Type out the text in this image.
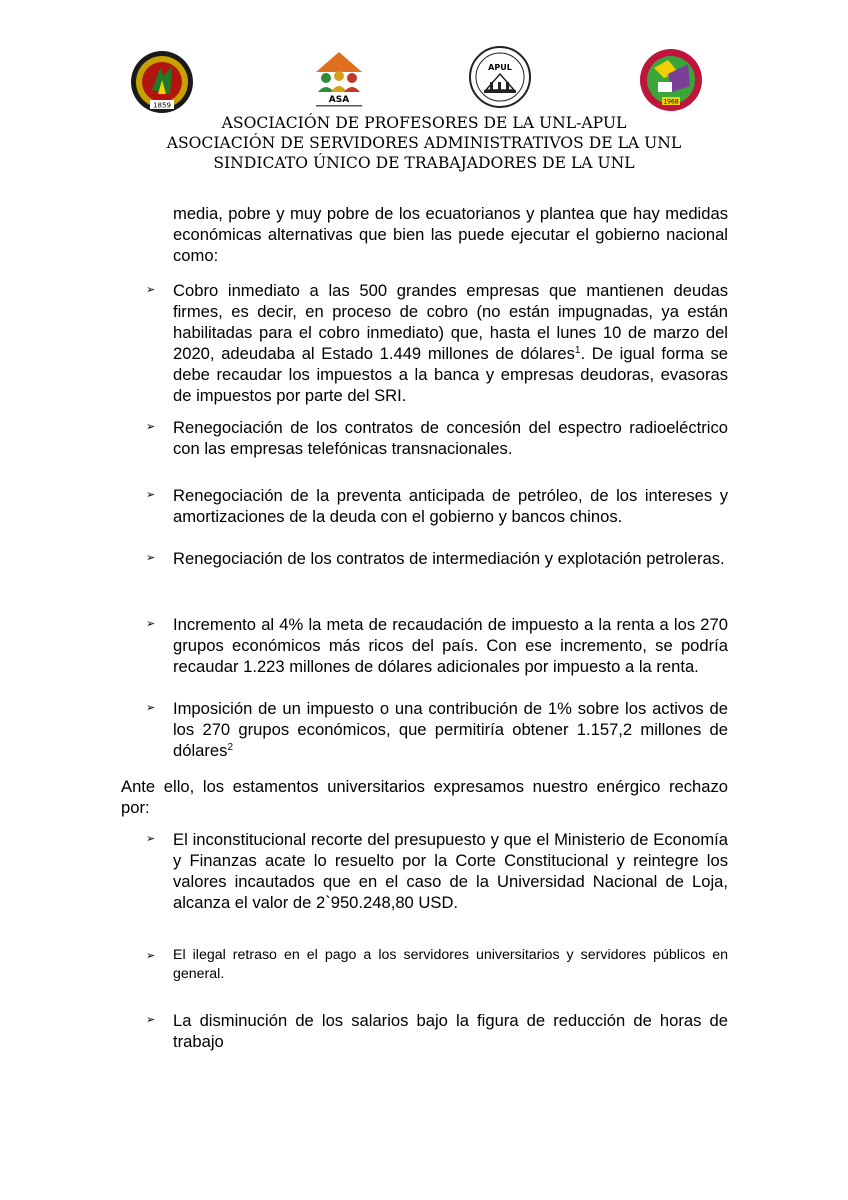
1859
ASA
APUL
1968
ASOCIACIÓN DE PROFESORES DE LA UNL-APUL
ASOCIACIÓN DE SERVIDORES ADMINISTRATIVOS DE LA UNL
SINDICATO ÚNICO DE TRABAJADORES DE LA UNL

media, pobre y muy pobre de los ecuatorianos y plantea que hay medidas económicas alternativas que bien las puede ejecutar el gobierno nacional como:

➢ Cobro inmediato a las 500 grandes empresas que mantienen deudas firmes, es decir, en proceso de cobro (no están impugnadas, ya están habilitadas para el cobro inmediato) que, hasta el lunes 10 de marzo del 2020, adeudaba al Estado 1.449 millones de dólares$^1$. De igual forma se debe recaudar los impuestos a la banca y empresas deudoras, evasoras de impuestos por parte del SRI.

➢ Renegociación de los contratos de concesión del espectro radioeléctrico con las empresas telefónicas transnacionales.

➢ Renegociación de la preventa anticipada de petróleo, de los intereses y amortizaciones de la deuda con el gobierno y bancos chinos.

➢ Renegociación de los contratos de intermediación y explotación petroleras.

➢ Incremento al 4% la meta de recaudación de impuesto a la renta a los 270 grupos económicos más ricos del país. Con ese incremento, se podría recaudar 1.223 millones de dólares adicionales por impuesto a la renta.

➢ Imposición de un impuesto o una contribución de 1% sobre los activos de los 270 grupos económicos, que permitiría obtener 1.157,2 millones de dólares$^2$

Ante ello, los estamentos universitarios expresamos nuestro enérgico rechazo por:

➢ El inconstitucional recorte del presupuesto y que el Ministerio de Economía y Finanzas acate lo resuelto por la Corte Constitucional y reintegre los valores incautados que en el caso de la Universidad Nacional de Loja, alcanza el valor de 2`950.248,80 USD.

➢ El ilegal retraso en el pago a los servidores universitarios y servidores públicos en general.

➢ La disminución de los salarios bajo la figura de reducción de horas de trabajo
